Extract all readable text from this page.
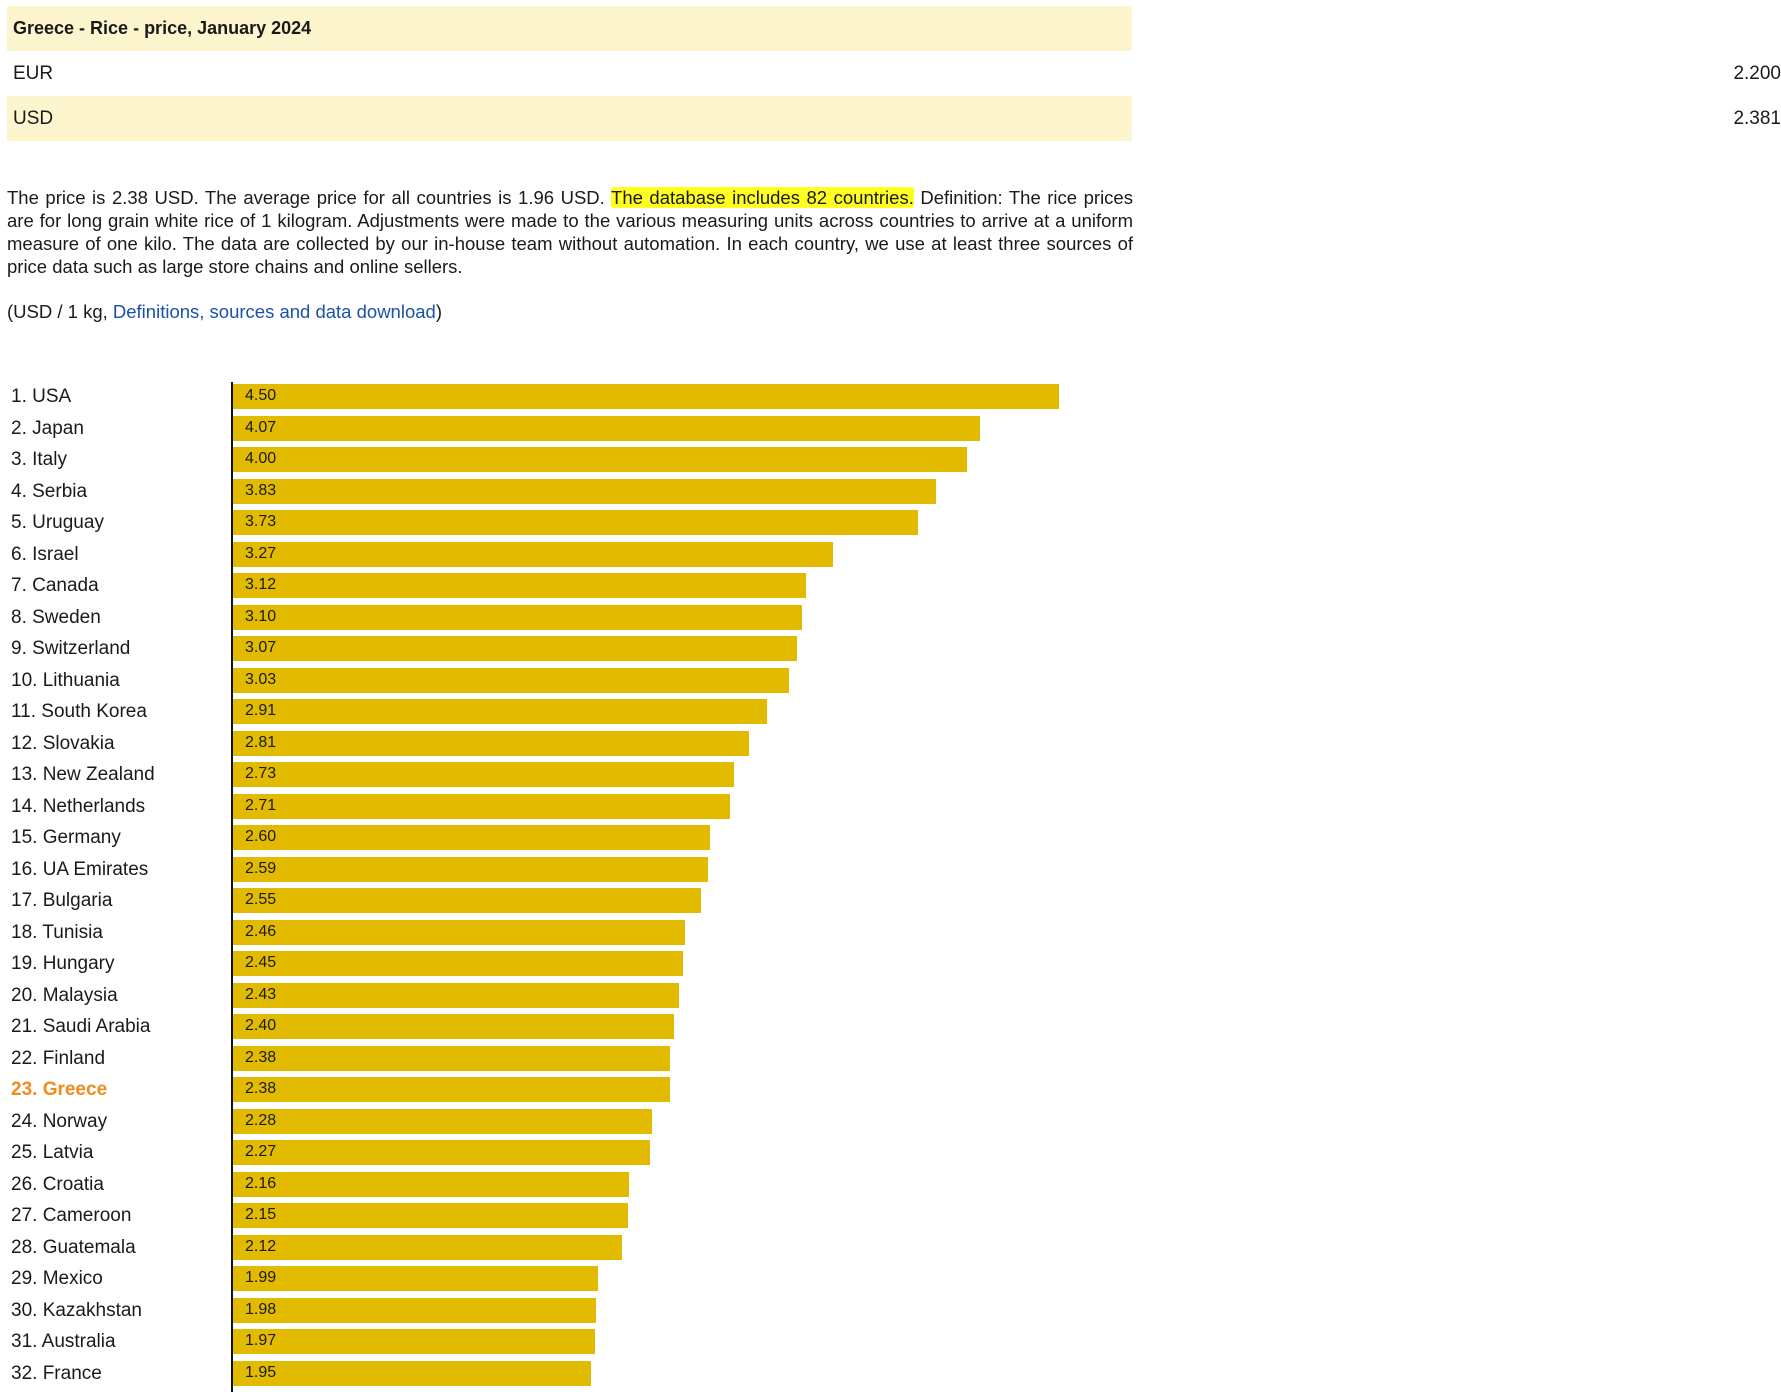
Greece - Rice - price, January 2024	
EUR	2.200

USD	2.381

The price is 2.38 USD. The average price for all countries is 1.96 USD. The database includes 82 countries. Definition: The rice prices are for long grain white rice of 1 kilogram. Adjustments were made to the various measuring units across countries to arrive at a uniform measure of one kilo. The data are collected by our in-house team without automation. In each country, we use at least three sources of price data such as large store chains and online sellers.

(USD / 1 kg, Definitions, sources and data download)

1. USA	4.50
2. Japan	4.07
3. Italy	4.00
4. Serbia	3.83
5. Uruguay	3.73
6. Israel	3.27
7. Canada	3.12
8. Sweden	3.10
9. Switzerland	3.07
10. Lithuania	3.03
11. South Korea	2.91
12. Slovakia	2.81
13. New Zealand	2.73
14. Netherlands	2.71
15. Germany	2.60
16. UA Emirates	2.59
17. Bulgaria	2.55
18. Tunisia	2.46
19. Hungary	2.45
20. Malaysia	2.43
21. Saudi Arabia	2.40
22. Finland	2.38
23. Greece	2.38
24. Norway	2.28
25. Latvia	2.27
26. Croatia	2.16
27. Cameroon	2.15
28. Guatemala	2.12
29. Mexico	1.99
30. Kazakhstan	1.98
31. Australia	1.97
32. France	1.95
